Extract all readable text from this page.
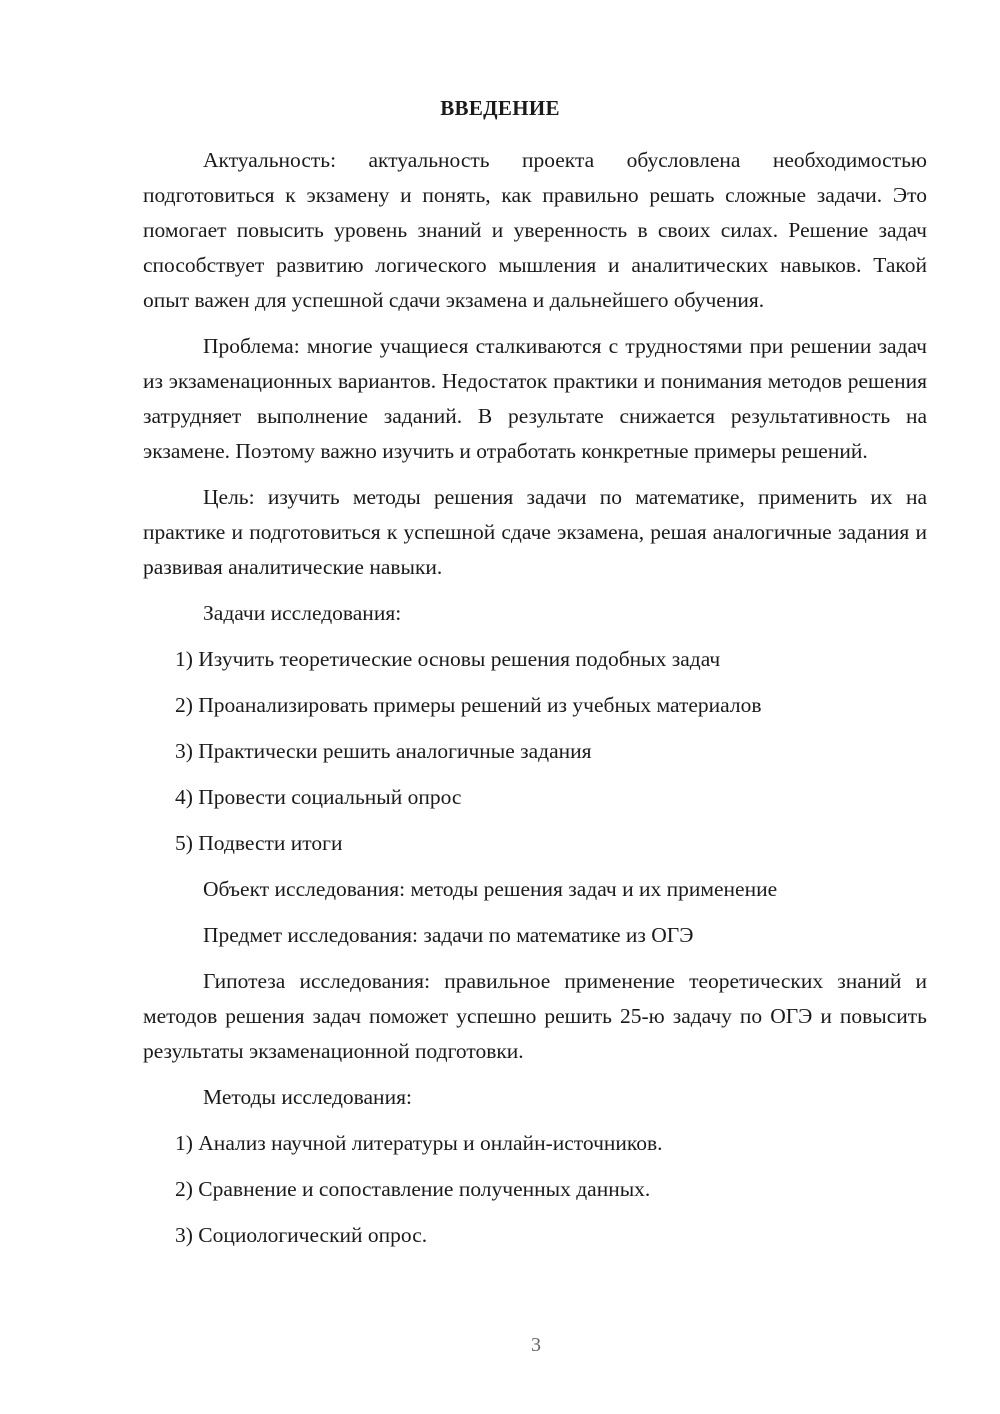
ВВЕДЕНИЕ

Актуальность: актуальность проекта обусловлена необходимостью подготовиться к экзамену и понять, как правильно решать сложные задачи. Это помогает повысить уровень знаний и уверенность в своих силах. Решение задач способствует развитию логического мышления и аналитических навыков. Такой опыт важен для успешной сдачи экзамена и дальнейшего обучения.

Проблема: многие учащиеся сталкиваются с трудностями при решении задач из экзаменационных вариантов. Недостаток практики и понимания методов решения затрудняет выполнение заданий. В результате снижается результативность на экзамене. Поэтому важно изучить и отработать конкретные примеры решений.

Цель: изучить методы решения задачи по математике, применить их на практике и подготовиться к успешной сдаче экзамена, решая аналогичные задания и развивая аналитические навыки.

Задачи исследования:

1) Изучить теоретические основы решения подобных задач

2) Проанализировать примеры решений из учебных материалов

3) Практически решить аналогичные задания

4) Провести социальный опрос

5) Подвести итоги

Объект исследования: методы решения задач и их применение

Предмет исследования: задачи по математике из ОГЭ

Гипотеза исследования: правильное применение теоретических знаний и методов решения задач поможет успешно решить 25-ю задачу по ОГЭ и повысить результаты экзаменационной подготовки.

Методы исследования:

1) Анализ научной литературы и онлайн-источников.

2) Сравнение и сопоставление полученных данных.

3) Социологический опрос.

3
